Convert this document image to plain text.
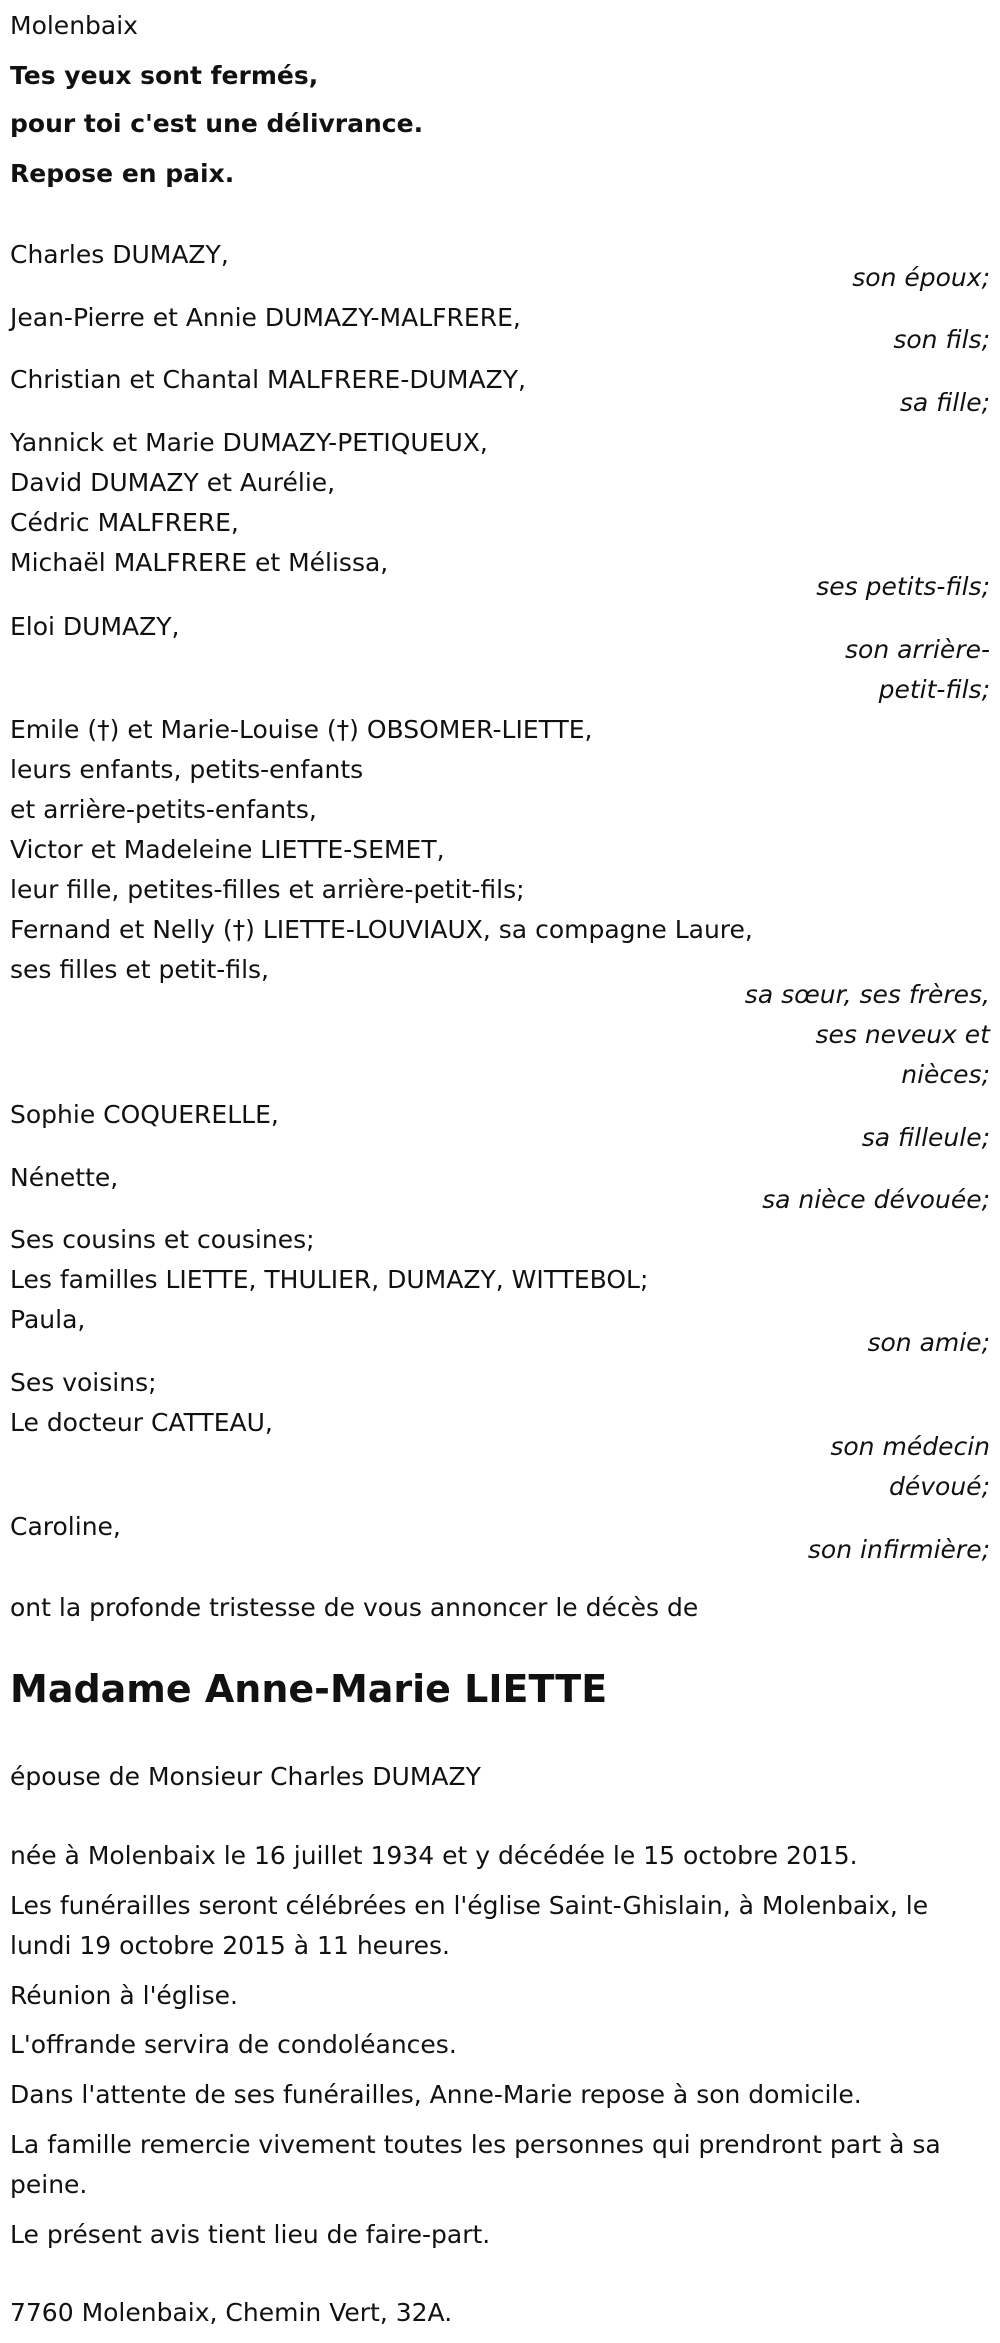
Molenbaix
Tes yeux sont fermés,
pour toi c'est une délivrance.
Repose en paix.
Charles DUMAZY,
son époux;
Jean-Pierre et Annie DUMAZY-MALFRERE,
son fils;
Christian et Chantal MALFRERE-DUMAZY,
sa fille;
Yannick et Marie DUMAZY-PETIQUEUX,
David DUMAZY et Aurélie,
Cédric MALFRERE,
Michaël MALFRERE et Mélissa,
ses petits-fils;
Eloi DUMAZY,
son arrière-
petit-fils;
Emile (†) et Marie-Louise (†) OBSOMER-LIETTE,
leurs enfants, petits-enfants
et arrière-petits-enfants,
Victor et Madeleine LIETTE-SEMET,
leur fille, petites-filles et arrière-petit-fils;
Fernand et Nelly (†) LIETTE-LOUVIAUX, sa compagne Laure,
ses filles et petit-fils,
sa sœur, ses frères,
ses neveux et
nièces;
Sophie COQUERELLE,
sa filleule;
Nénette,
sa nièce dévouée;
Ses cousins et cousines;
Les familles LIETTE, THULIER, DUMAZY, WITTEBOL;
Paula,
son amie;
Ses voisins;
Le docteur CATTEAU,
son médecin
dévoué;
Caroline,
son infirmière;
ont la profonde tristesse de vous annoncer le décès de
Madame Anne-Marie LIETTE
épouse de Monsieur Charles DUMAZY
née à Molenbaix le 16 juillet 1934 et y décédée le 15 octobre 2015.
Les funérailles seront célébrées en l'église Saint-Ghislain, à Molenbaix, le lundi 19 octobre 2015 à 11 heures.
Réunion à l'église.
L'offrande servira de condoléances.
Dans l'attente de ses funérailles, Anne-Marie repose à son domicile.
La famille remercie vivement toutes les personnes qui prendront part à sa peine.
Le présent avis tient lieu de faire-part.
7760 Molenbaix, Chemin Vert, 32A.
